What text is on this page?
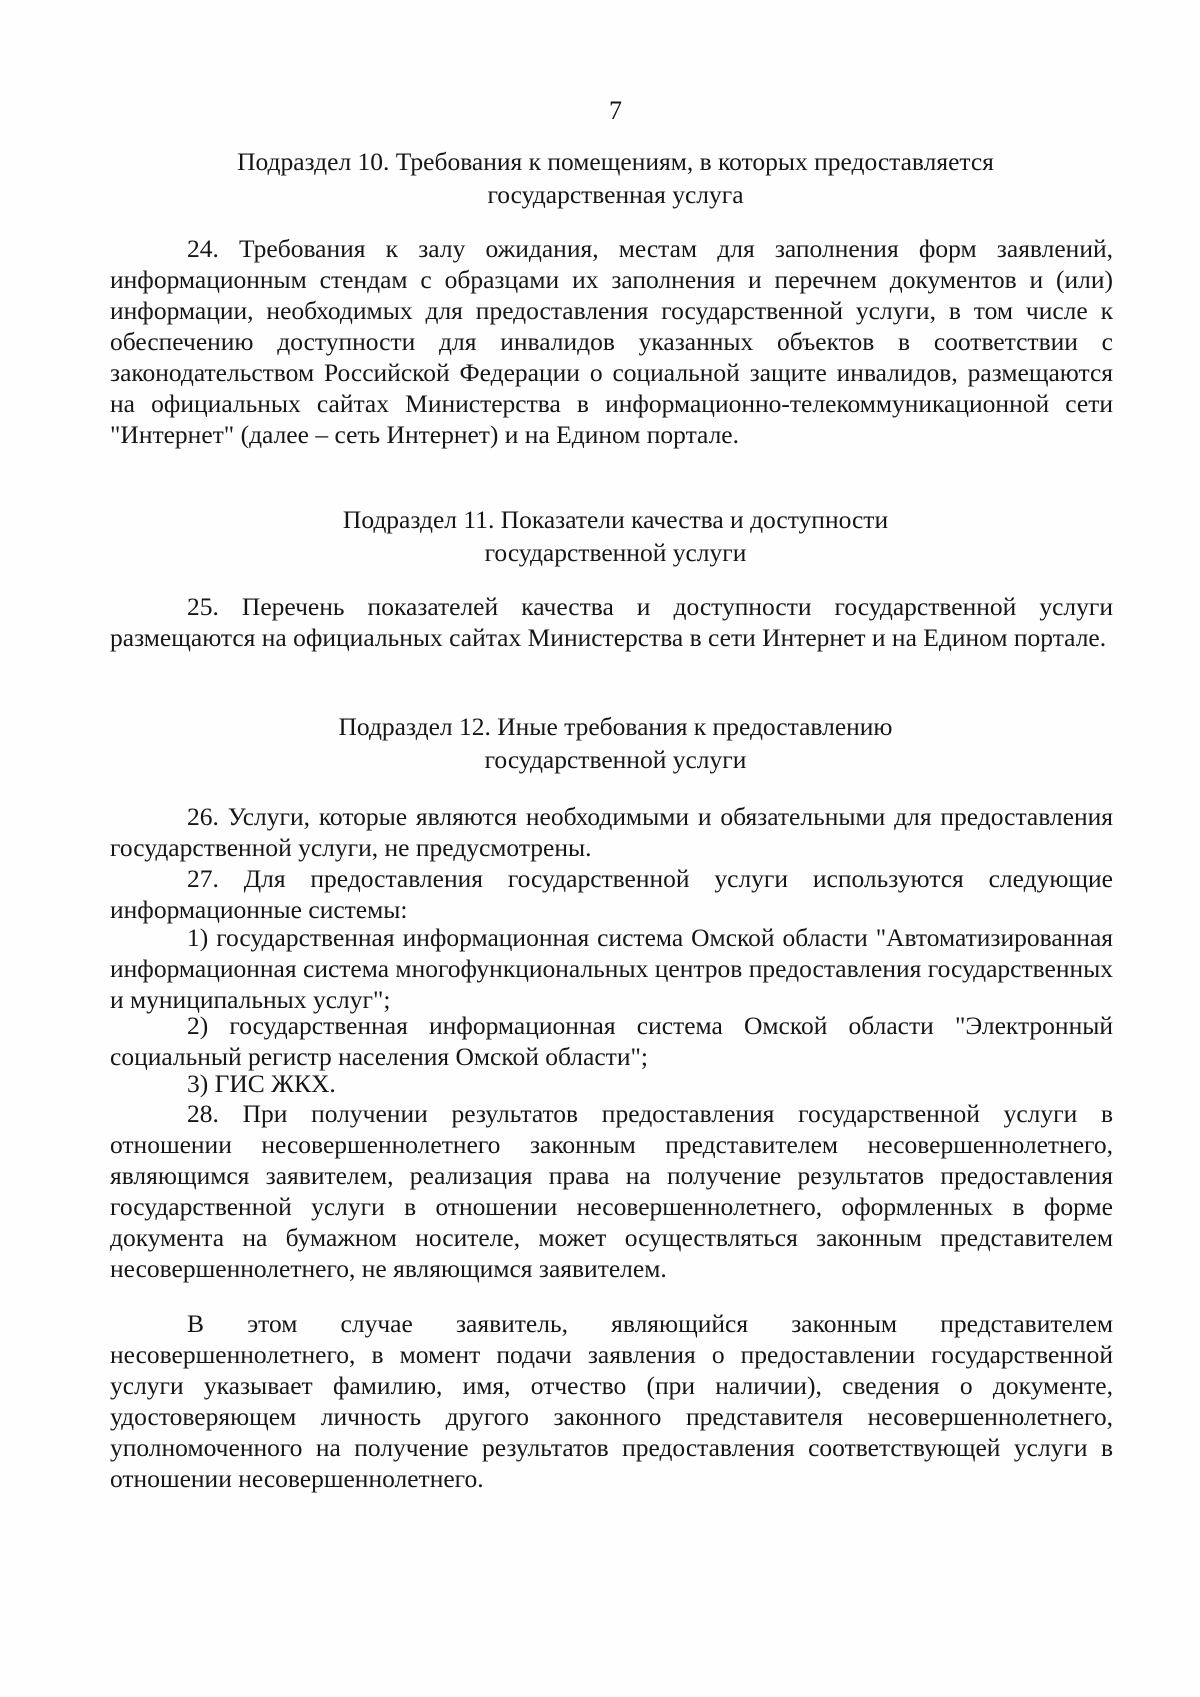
7
Подраздел 10. Требования к помещениям, в которых предоставляется
государственная услуга
24. Требования к залу ожидания, местам для заполнения форм заявлений, информационным стендам с образцами их заполнения и перечнем документов и (или) информации, необходимых для предоставления государственной услуги, в том числе к обеспечению доступности для инвалидов указанных объектов в соответствии с законодательством Российской Федерации о социальной защите инвалидов, размещаются на официальных сайтах Министерства в информационно-телекоммуникационной сети "Интернет" (далее – сеть Интернет) и на Едином портале.
Подраздел 11. Показатели качества и доступности
государственной услуги
25. Перечень показателей качества и доступности государственной услуги размещаются на официальных сайтах Министерства в сети Интернет и на Едином портале.
Подраздел 12. Иные требования к предоставлению
государственной услуги
26. Услуги, которые являются необходимыми и обязательными для предоставления государственной услуги, не предусмотрены.
27. Для предоставления государственной услуги используются следующие информационные системы:
1) государственная информационная система Омской области "Автоматизированная информационная система многофункциональных центров предоставления государственных и муниципальных услуг";
2) государственная информационная система Омской области "Электронный социальный регистр населения Омской области";
3) ГИС ЖКХ.
28. При получении результатов предоставления государственной услуги в отношении несовершеннолетнего законным представителем несовершеннолетнего, являющимся заявителем, реализация права на получение результатов предоставления государственной услуги в отношении несовершеннолетнего, оформленных в форме документа на бумажном носителе, может осуществляться законным представителем несовершеннолетнего, не являющимся заявителем.
В этом случае заявитель, являющийся законным представителем несовершеннолетнего, в момент подачи заявления о предоставлении государственной услуги указывает фамилию, имя, отчество (при наличии), сведения о документе, удостоверяющем личность другого законного представителя несовершеннолетнего, уполномоченного на получение результатов предоставления соответствующей услуги в отношении несовершеннолетнего.
